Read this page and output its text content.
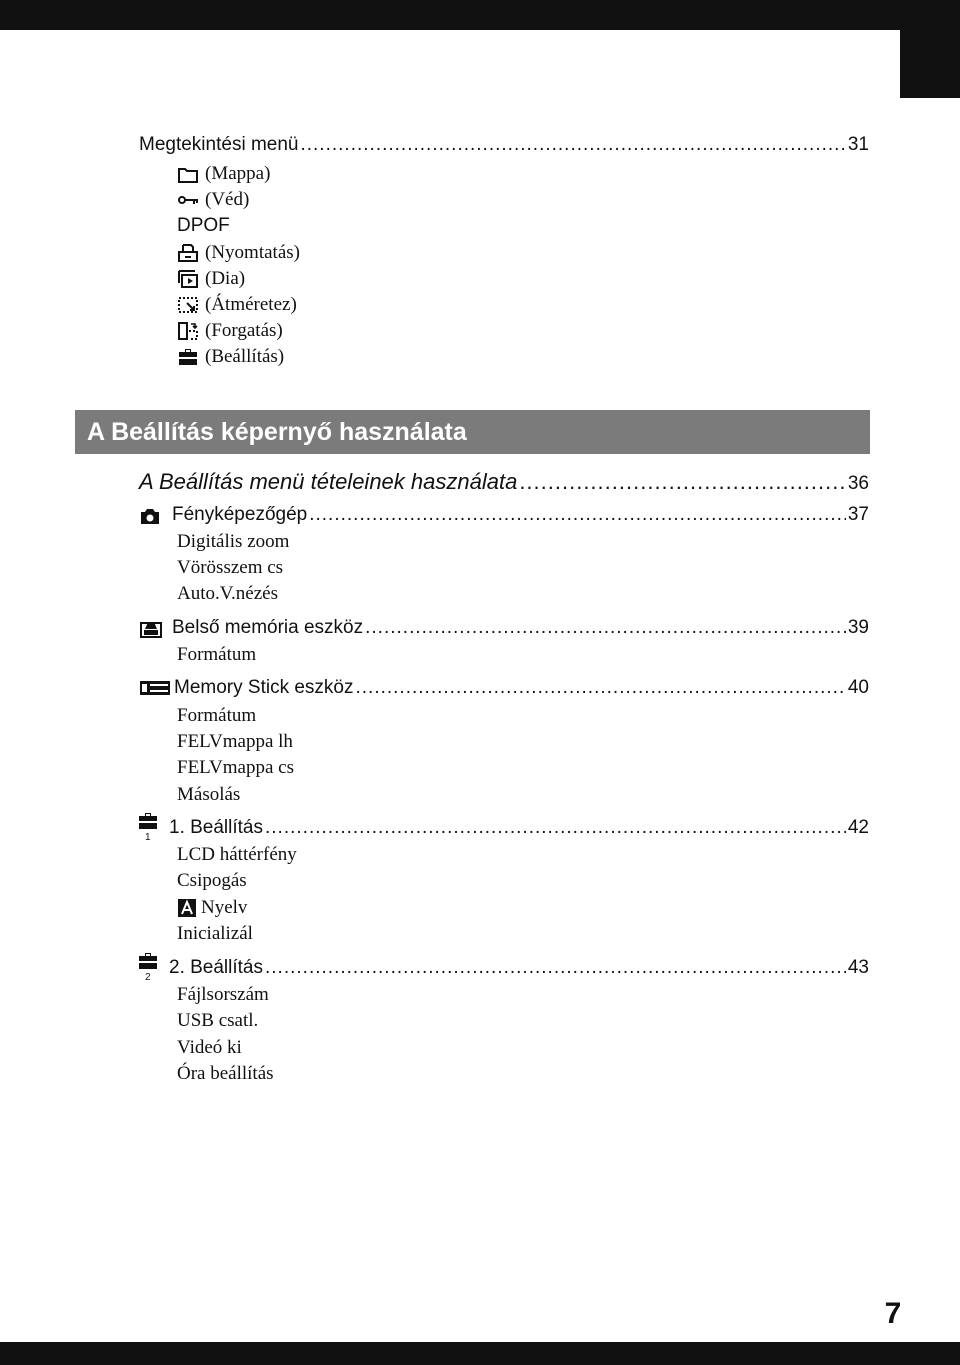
Megtekintési menü .....	31
(Mappa)
(Véd)
DPOF
(Nyomtatás)
(Dia)
(Átméretez)
(Forgatás)
(Beállítás)
A Beállítás képernyő használata
A Beállítás menü tételeinek használata .....	36
Fényképezőgép .....	37
Digitális zoom
Vörösszem cs
Auto.V.nézés
Belső memória eszköz .....	39
Formátum
Memory Stick eszköz .....	40
Formátum
FELVmappa lh
FELVmappa cs
Másolás
1 1. Beállítás .....	42
LCD háttérfény
Csipogás
Nyelv
Inicializál
2 2. Beállítás .....	43
Fájlsorszám
USB csatl.
Videó ki
Óra beállítás
7
